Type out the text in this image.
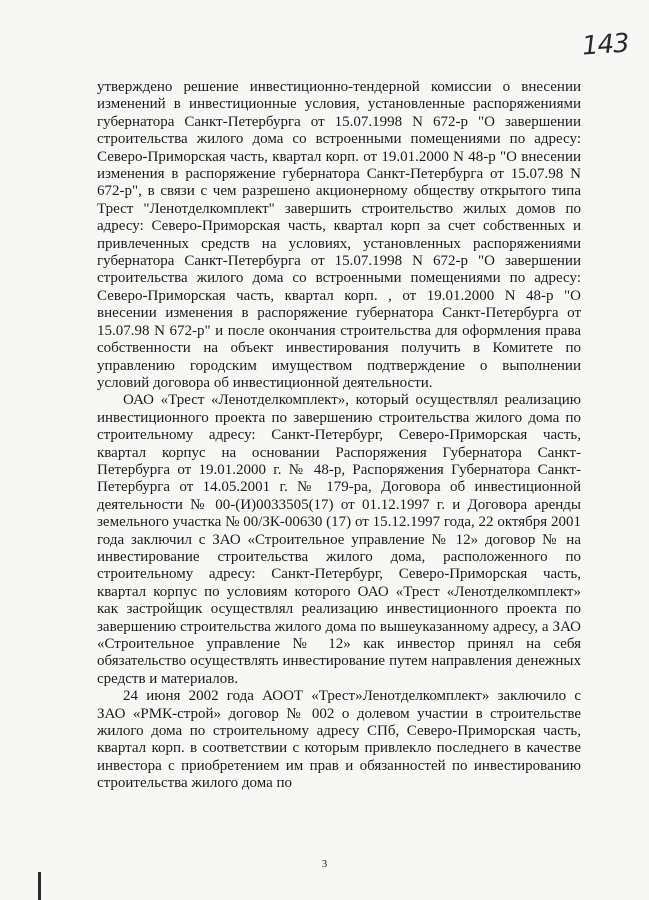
143

утверждено решение инвестиционно-тендерной комиссии о внесении изменений в инвестиционные условия, установленные распоряжениями губернатора Санкт-Петербурга от 15.07.1998 N 672-р "О завершении строительства жилого дома со встроенными помещениями по адресу: Северо-Приморская часть, квартал корп. от 19.01.2000 N 48-р "О внесении изменения в распоряжение губернатора Санкт-Петербурга от 15.07.98 N 672-р", в связи с чем разрешено акционерному обществу открытого типа Трест "Ленотделкомплект" завершить строительство жилых домов по адресу: Северо-Приморская часть, квартал корп за счет собственных и привлеченных средств на условиях, установленных распоряжениями губернатора Санкт-Петербурга от 15.07.1998 N 672-р "О завершении строительства жилого дома со встроенными помещениями по адресу: Северо-Приморская часть, квартал корп. , от 19.01.2000 N 48-р "О внесении изменения в распоряжение губернатора Санкт-Петербурга от 15.07.98 N 672-р" и после окончания строительства для оформления права собственности на объект инвестирования получить в Комитете по управлению городским имуществом подтверждение о выполнении условий договора об инвестиционной деятельности.

ОАО «Трест «Ленотделкомплект», который осуществлял реализацию инвестиционного проекта по завершению строительства жилого дома по строительному адресу: Санкт-Петербург, Северо-Приморская часть, квартал корпус на основании Распоряжения Губернатора Санкт-Петербурга от 19.01.2000 г. № 48-р, Распоряжения Губернатора Санкт-Петербурга от 14.05.2001 г. № 179-ра, Договора об инвестиционной деятельности № 00-(И)0033505(17) от 01.12.1997 г. и Договора аренды земельного участка № 00/ЗК-00630 (17) от 15.12.1997 года, 22 октября 2001 года заключил с ЗАО «Строительное управление № 12» договор № на инвестирование строительства жилого дома, расположенного по строительному адресу: Санкт-Петербург, Северо-Приморская часть, квартал корпус по условиям которого ОАО «Трест «Ленотделкомплект» как застройщик осуществлял реализацию инвестиционного проекта по завершению строительства жилого дома по вышеуказанному адресу, а ЗАО «Строительное управление № 12» как инвестор принял на себя обязательство осуществлять инвестирование путем направления денежных средств и материалов.

24 июня 2002 года АООТ «Трест»Ленотделкомплект» заключило с ЗАО «РМК-строй» договор № 002 о долевом участии в строительстве жилого дома по строительному адресу СПб, Северо-Приморская часть, квартал корп. в соответствии с которым привлекло последнего в качестве инвестора с приобретением им прав и обязанностей по инвестированию строительства жилого дома по

3
